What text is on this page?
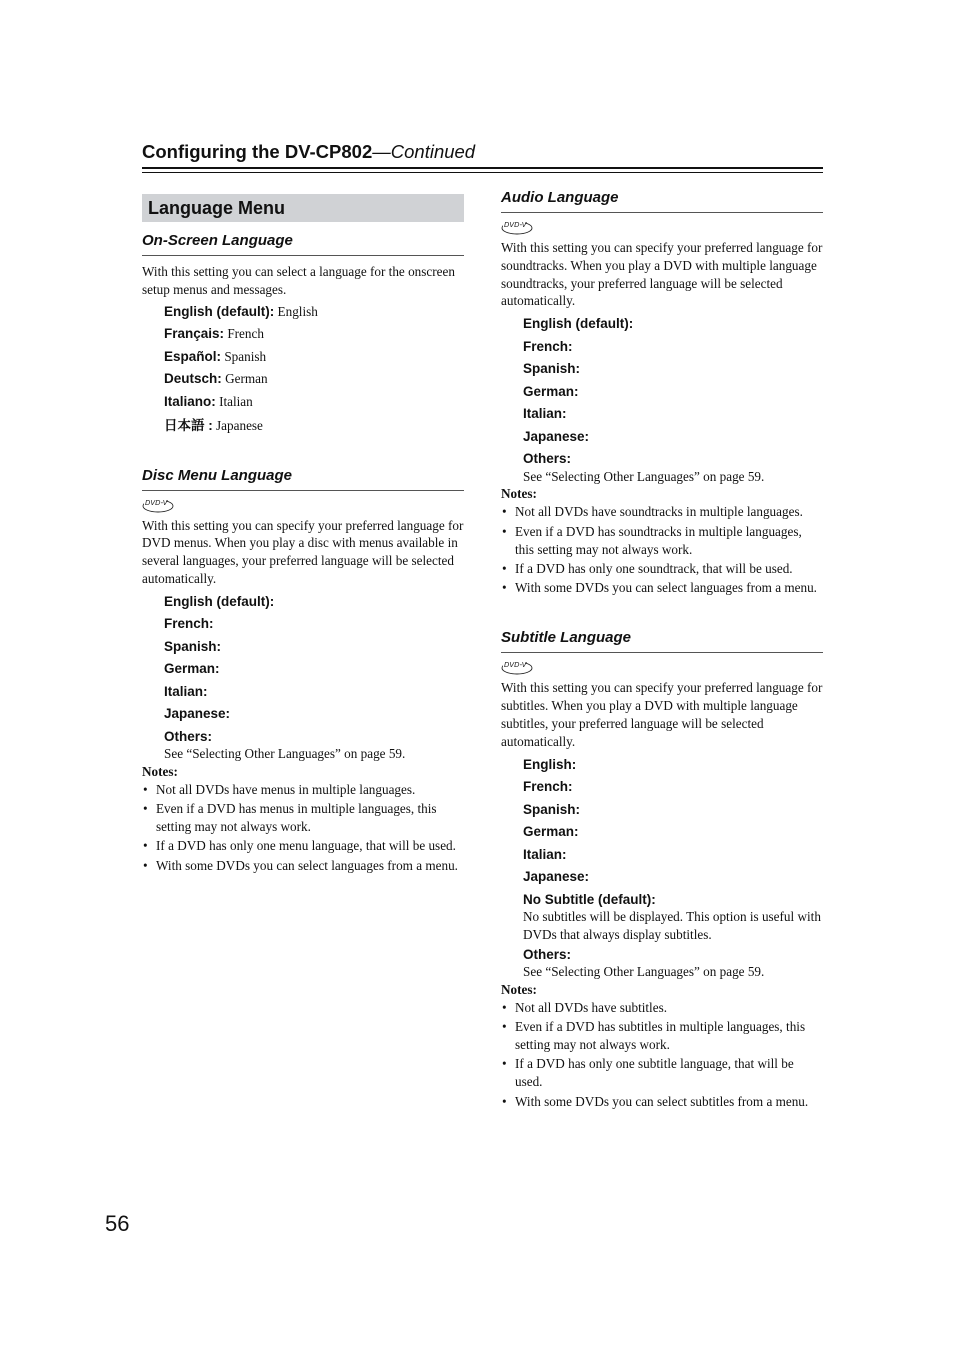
Configuring the DV-CP802—Continued
Language Menu
On-Screen Language
With this setting you can select a language for the onscreen setup menus and messages.
English (default): English
Français: French
Español: Spanish
Deutsch: German
Italiano: Italian
日本語 : Japanese
Disc Menu Language
DVD-V
With this setting you can specify your preferred language for DVD menus. When you play a disc with menus available in several languages, your preferred language will be selected automatically.
English (default):
French:
Spanish:
German:
Italian:
Japanese:
Others:
See “Selecting Other Languages” on page 59.
Notes:
• Not all DVDs have menus in multiple languages.
• Even if a DVD has menus in multiple languages, this setting may not always work.
• If a DVD has only one menu language, that will be used.
• With some DVDs you can select languages from a menu.
Audio Language
DVD-V
With this setting you can specify your preferred language for soundtracks. When you play a DVD with multiple language soundtracks, your preferred language will be selected automatically.
English (default):
French:
Spanish:
German:
Italian:
Japanese:
Others:
See “Selecting Other Languages” on page 59.
Notes:
• Not all DVDs have soundtracks in multiple languages.
• Even if a DVD has soundtracks in multiple languages, this setting may not always work.
• If a DVD has only one soundtrack, that will be used.
• With some DVDs you can select languages from a menu.
Subtitle Language
DVD-V
With this setting you can specify your preferred language for subtitles. When you play a DVD with multiple language subtitles, your preferred language will be selected automatically.
English:
French:
Spanish:
German:
Italian:
Japanese:
No Subtitle (default):
No subtitles will be displayed. This option is useful with DVDs that always display subtitles.
Others:
See “Selecting Other Languages” on page 59.
Notes:
• Not all DVDs have subtitles.
• Even if a DVD has subtitles in multiple languages, this setting may not always work.
• If a DVD has only one subtitle language, that will be used.
• With some DVDs you can select subtitles from a menu.
56
